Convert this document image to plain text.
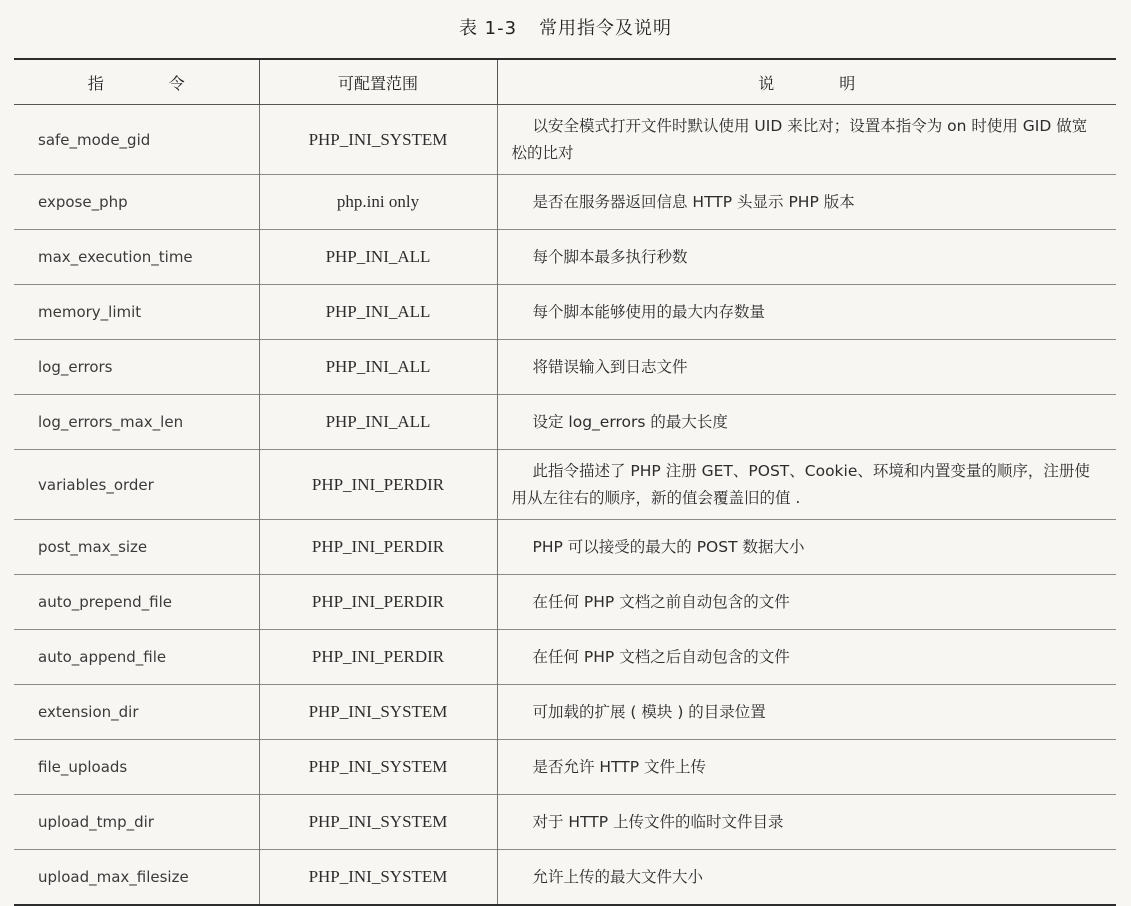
表 1-3 常用指令及说明
指 令	可配置范围	说 明
safe_mode_gid	PHP_INI_SYSTEM	以安全模式打开文件时默认使用 UID 来比对；设置本指令为 on 时使用 GID 做宽松的比对
expose_php	php.ini only	是否在服务器返回信息 HTTP 头显示 PHP 版本
max_execution_time	PHP_INI_ALL	每个脚本最多执行秒数
memory_limit	PHP_INI_ALL	每个脚本能够使用的最大内存数量
log_errors	PHP_INI_ALL	将错误输入到日志文件
log_errors_max_len	PHP_INI_ALL	设定 log_errors 的最大长度
variables_order	PHP_INI_PERDIR	此指令描述了 PHP 注册 GET、POST、Cookie、环境和内置变量的顺序，注册使用从左往右的顺序，新的值会覆盖旧的值 .
post_max_size	PHP_INI_PERDIR	PHP 可以接受的最大的 POST 数据大小
auto_prepend_file	PHP_INI_PERDIR	在任何 PHP 文档之前自动包含的文件
auto_append_file	PHP_INI_PERDIR	在任何 PHP 文档之后自动包含的文件
extension_dir	PHP_INI_SYSTEM	可加载的扩展 ( 模块 ) 的目录位置
file_uploads	PHP_INI_SYSTEM	是否允许 HTTP 文件上传
upload_tmp_dir	PHP_INI_SYSTEM	对于 HTTP 上传文件的临时文件目录
upload_max_filesize	PHP_INI_SYSTEM	允许上传的最大文件大小
